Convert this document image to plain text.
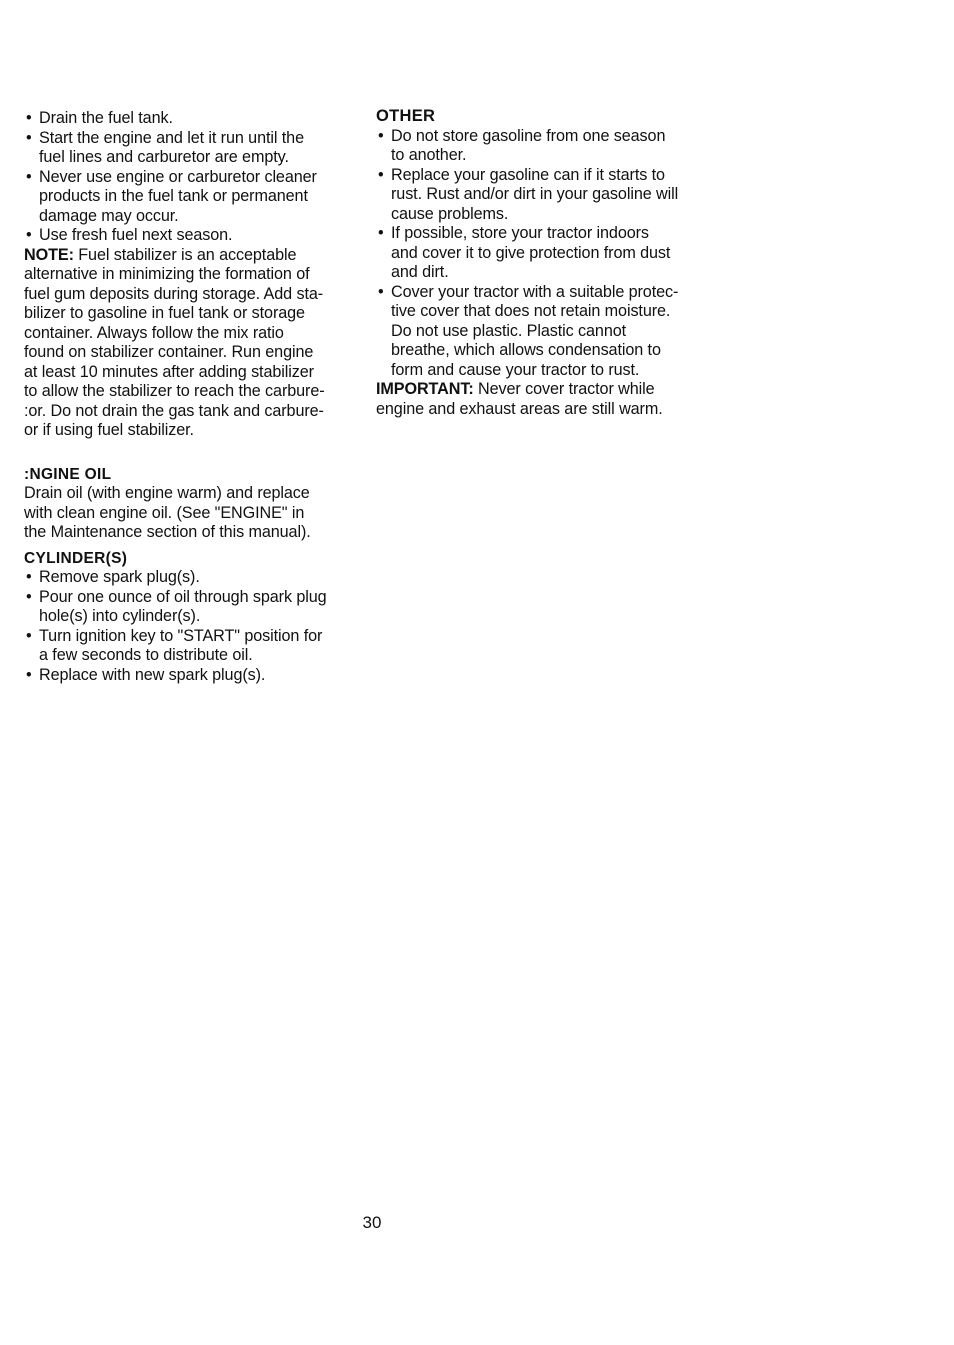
• Drain the fuel tank.
• Start the engine and let it run until the
fuel lines and carburetor are empty.
• Never use engine or carburetor cleaner
products in the fuel tank or permanent
damage may occur.
• Use fresh fuel next season.

NOTE: Fuel stabilizer is an acceptable
alternative in minimizing the formation of
fuel gum deposits during storage. Add sta-
bilizer to gasoline in fuel tank or storage
container. Always follow the mix ratio
found on stabilizer container. Run engine
at least 10 minutes after adding stabilizer
to allow the stabilizer to reach the carbure-
:or. Do not drain the gas tank and carbure-
or if using fuel stabilizer.

:NGINE OIL

Drain oil (with engine warm) and replace
with clean engine oil. (See "ENGINE" in
the Maintenance section of this manual).

CYLINDER(S)
• Remove spark plug(s).
• Pour one ounce of oil through spark plug
hole(s) into cylinder(s).
• Turn ignition key to "START" position for
a few seconds to distribute oil.
• Replace with new spark plug(s).
OTHER
• Do not store gasoline from one season
to another.
• Replace your gasoline can if it starts to
rust. Rust and/or dirt in your gasoline will
cause problems.
• If possible, store your tractor indoors
and cover it to give protection from dust
and dirt.
• Cover your tractor with a suitable protec-
tive cover that does not retain moisture.
Do not use plastic. Plastic cannot
breathe, which allows condensation to
form and cause your tractor to rust.

IMPORTANT: Never cover tractor while
engine and exhaust areas are still warm.

30
